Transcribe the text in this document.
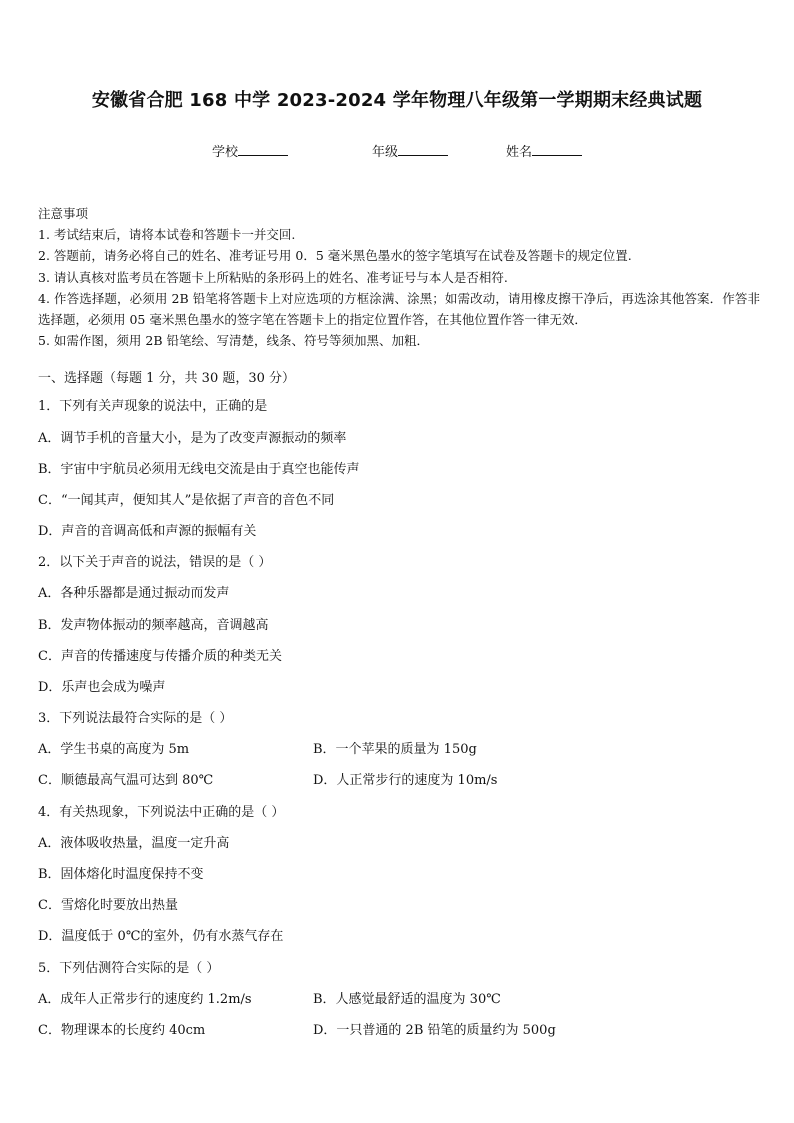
安徽省合肥 168 中学 2023-2024 学年物理八年级第一学期期末经典试题
学校	年级	姓名
注意事项
1. 考试结束后，请将本试卷和答题卡一并交回.
2. 答题前，请务必将自己的姓名、准考证号用 0．5 毫米黑色墨水的签字笔填写在试卷及答题卡的规定位置.
3. 请认真核对监考员在答题卡上所粘贴的条形码上的姓名、准考证号与本人是否相符.
4. 作答选择题，必须用 2B 铅笔将答题卡上对应选项的方框涂满、涂黑；如需改动，请用橡皮擦干净后，再选涂其他答案．作答非选择题，必须用 05 毫米黑色墨水的签字笔在答题卡上的指定位置作答，在其他位置作答一律无效．
5. 如需作图，须用 2B 铅笔绘、写清楚，线条、符号等须加黑、加粗．
一、选择题（每题 1 分，共 30 题，30 分）
1．下列有关声现象的说法中，正确的是
A．调节手机的音量大小，是为了改变声源振动的频率
B．宇宙中宇航员必须用无线电交流是由于真空也能传声
C．“一闻其声，便知其人”是依据了声音的音色不同
D．声音的音调高低和声源的振幅有关
2．以下关于声音的说法，错误的是（ ）
A．各种乐器都是通过振动而发声
B．发声物体振动的频率越高，音调越高
C．声音的传播速度与传播介质的种类无关
D．乐声也会成为噪声
3．下列说法最符合实际的是（ ）
A．学生书桌的高度为 5m	B．一个苹果的质量为 150g
C．顺德最高气温可达到 80℃	D．人正常步行的速度为 10m/s
4．有关热现象，下列说法中正确的是（ ）
A．液体吸收热量，温度一定升高
B．固体熔化时温度保持不变
C．雪熔化时要放出热量
D．温度低于 0℃的室外，仍有水蒸气存在
5．下列估测符合实际的是（ ）
A．成年人正常步行的速度约 1.2m/s	B．人感觉最舒适的温度为 30℃
C．物理课本的长度约 40cm	D．一只普通的 2B 铅笔的质量约为 500g
